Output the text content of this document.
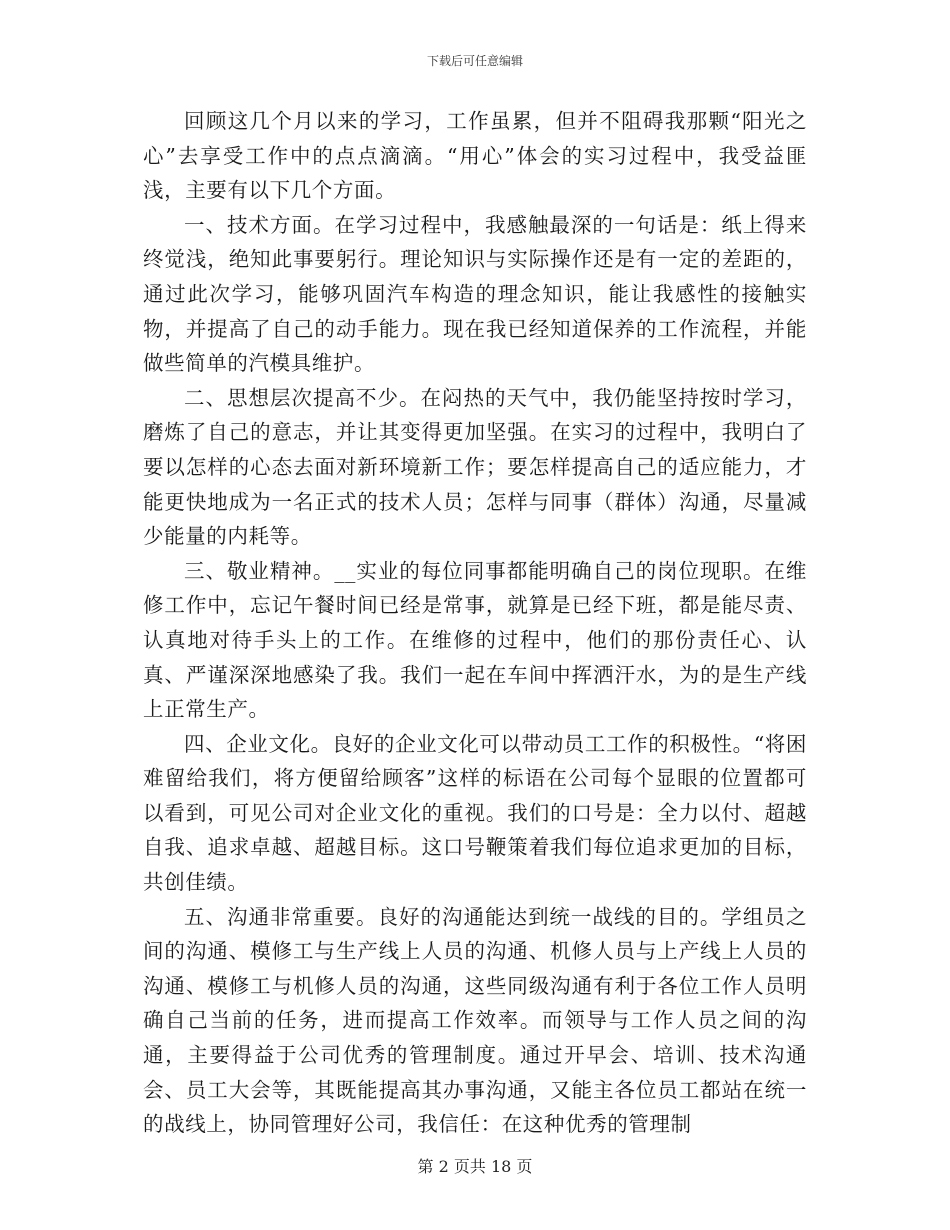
下载后可任意编辑

回顾这几个月以来的学习，工作虽累，但并不阻碍我那颗“阳光之心”去享受工作中的点点滴滴。“用心”体会的实习过程中，我受益匪浅，主要有以下几个方面。

一、技术方面。在学习过程中，我感触最深的一句话是：纸上得来终觉浅，绝知此事要躬行。理论知识与实际操作还是有一定的差距的，通过此次学习，能够巩固汽车构造的理念知识，能让我感性的接触实物，并提高了自己的动手能力。现在我已经知道保养的工作流程，并能做些简单的汽模具维护。

二、思想层次提高不少。在闷热的天气中，我仍能坚持按时学习，磨炼了自己的意志，并让其变得更加坚强。在实习的过程中，我明白了要以怎样的心态去面对新环境新工作；要怎样提高自己的适应能力，才能更快地成为一名正式的技术人员；怎样与同事（群体）沟通，尽量减少能量的内耗等。

三、敬业精神。__实业的每位同事都能明确自己的岗位现职。在维修工作中，忘记午餐时间已经是常事，就算是已经下班，都是能尽责、认真地对待手头上的工作。在维修的过程中，他们的那份责任心、认真、严谨深深地感染了我。我们一起在车间中挥洒汗水，为的是生产线上正常生产。

四、企业文化。良好的企业文化可以带动员工工作的积极性。“将困难留给我们，将方便留给顾客”这样的标语在公司每个显眼的位置都可以看到，可见公司对企业文化的重视。我们的口号是：全力以付、超越自我、追求卓越、超越目标。这口号鞭策着我们每位追求更加的目标，共创佳绩。

五、沟通非常重要。良好的沟通能达到统一战线的目的。学组员之间的沟通、模修工与生产线上人员的沟通、机修人员与上产线上人员的沟通、模修工与机修人员的沟通，这些同级沟通有利于各位工作人员明确自己当前的任务，进而提高工作效率。而领导与工作人员之间的沟通，主要得益于公司优秀的管理制度。通过开早会、培训、技术沟通会、员工大会等，其既能提高其办事沟通，又能主各位员工都站在统一的战线上，协同管理好公司，我信任：在这种优秀的管理制

第 2 页共 18 页
